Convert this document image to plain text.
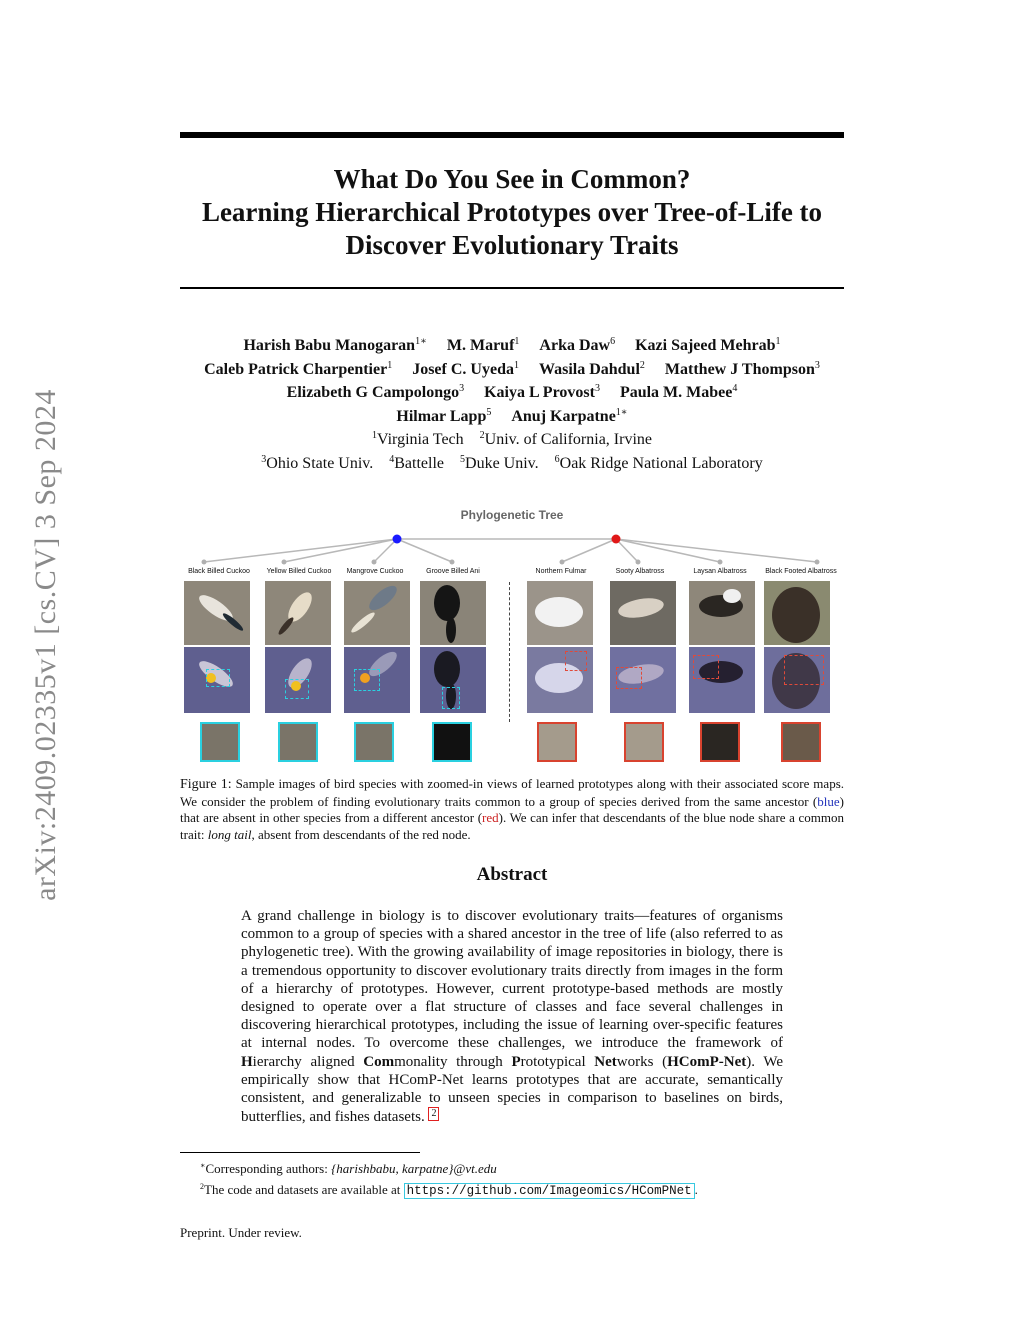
arXiv:2409.02335v1 [cs.CV] 3 Sep 2024
What Do You See in Common?
Learning Hierarchical Prototypes over Tree-of-Life to
Discover Evolutionary Traits
Harish Babu Manogaran$^{1∗}$ M. Maruf$^1$ Arka Daw$^6$ Kazi Sajeed Mehrab$^1$
Caleb Patrick Charpentier$^1$ Josef C. Uyeda$^1$ Wasila Dahdul$^2$ Matthew J Thompson$^3$
Elizabeth G Campolongo$^3$ Kaiya L Provost$^3$ Paula M. Mabee$^4$
Hilmar Lapp$^5$ Anuj Karpatne$^{1∗}$
$^1$Virginia Tech $^2$Univ. of California, Irvine
$^3$Ohio State Univ. $^4$Battelle $^5$Duke Univ. $^6$Oak Ridge National Laboratory
Phylogenetic Tree
Black Billed Cuckoo	Yellow Billed Cuckoo	Mangrove Cuckoo	Groove Billed Ani	Northern Fulmar	Sooty Albatross	Laysan Albatross	Black Footed Albatross
Figure 1: Sample images of bird species with zoomed-in views of learned prototypes along with their associated score maps. We consider the problem of finding evolutionary traits common to a group of species derived from the same ancestor (blue) that are absent in other species from a different ancestor (red). We can infer that descendants of the blue node share a common trait: long tail, absent from descendants of the red node.
Abstract
A grand challenge in biology is to discover evolutionary traits—features of organisms common to a group of species with a shared ancestor in the tree of life (also referred to as phylogenetic tree). With the growing availability of image repositories in biology, there is a tremendous opportunity to discover evolutionary traits directly from images in the form of a hierarchy of prototypes. However, current prototype-based methods are mostly designed to operate over a flat structure of classes and face several challenges in discovering hierarchical prototypes, including the issue of learning over-specific features at internal nodes. To overcome these challenges, we introduce the framework of Hierarchy aligned Commonality through Prototypical Networks (HComP-Net). We empirically show that HComP-Net learns prototypes that are accurate, semantically consistent, and generalizable to unseen species in comparison to baselines on birds, butterflies, and fishes datasets. 2
∗Corresponding authors: {harishbabu, karpatne}@vt.edu
$^2$The code and datasets are available at https://github.com/Imageomics/HComPNet .
Preprint. Under review.
